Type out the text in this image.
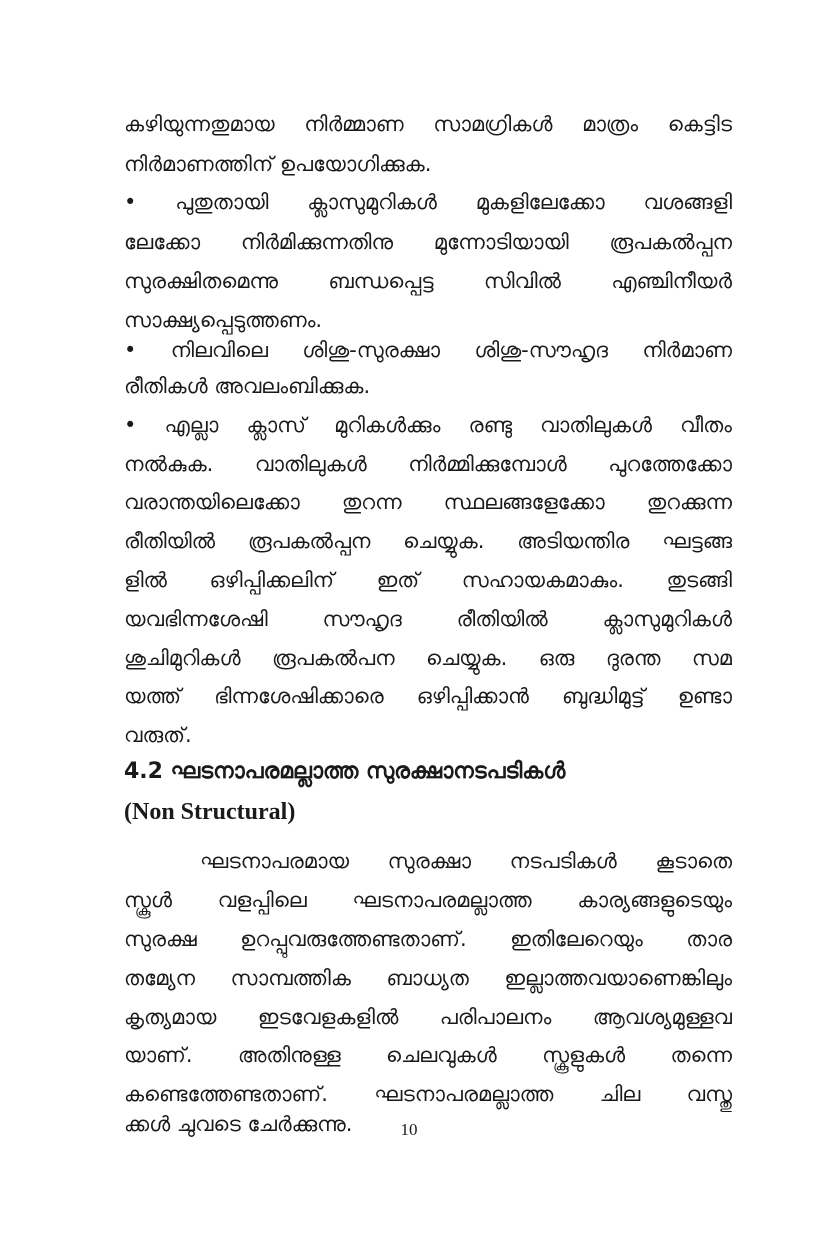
കഴിയുന്നതുമായ നിർമ്മാണ സാമഗ്രികൾ മാത്രം കെട്ടിട
നിർമാണത്തിന് ഉപയോഗിക്കുക.
• പുതുതായി ക്ലാസുമുറികൾ മുകളിലേക്കോ വശങ്ങളി
ലേക്കോ നിർമിക്കുന്നതിനു മുന്നോടിയായി രൂപകൽപ്പന
സുരക്ഷിതമെന്നു ബന്ധപ്പെട്ട സിവിൽ എഞ്ചിനീയർ
സാക്ഷ്യപ്പെടുത്തണം.
• നിലവിലെ ശിശു-സുരക്ഷാ ശിശു-സൗഹൃദ നിർമാണ
രീതികൾ അവലംബിക്കുക.
• എല്ലാ ക്ലാസ് മുറികൾക്കും രണ്ടു വാതിലുകൾ വീതം
നൽകുക. വാതിലുകൾ നിർമ്മിക്കുമ്പോൾ പുറത്തേക്കോ
വരാന്തയിലെക്കോ തുറന്ന സ്ഥലങ്ങളേക്കോ തുറക്കുന്ന
രീതിയിൽ രൂപകൽപ്പന ചെയ്യുക. അടിയന്തിര ഘട്ടങ്ങ
ളിൽ ഒഴിപ്പിക്കലിന് ഇത് സഹായകമാകും. തുടങ്ങി
യവഭിന്നശേഷി സൗഹൃദ രീതിയിൽ ക്ലാസുമുറികൾ
ശുചിമുറികൾ രൂപകൽപന ചെയ്യുക. ഒരു ദുരന്ത സമ
യത്ത് ഭിന്നശേഷിക്കാരെ ഒഴിപ്പിക്കാൻ ബുദ്ധിമുട്ട് ഉണ്ടാ
വരുത്.
4.2 ഘടനാപരമല്ലാത്ത സുരക്ഷാനടപടികൾ
(Non Structural)
ഘടനാപരമായ സുരക്ഷാ നടപടികൾ കൂടാതെ
സ്കൂൾ വളപ്പിലെ ഘടനാപരമല്ലാത്ത കാര്യങ്ങളുടെയും
സുരക്ഷ ഉറപ്പുവരുത്തേണ്ടതാണ്. ഇതിലേറെയും താര
തമ്യേന സാമ്പത്തിക ബാധ്യത ഇല്ലാത്തവയാണെങ്കിലും
കൃത്യമായ ഇടവേളകളിൽ പരിപാലനം ആവശ്യമുള്ളവ
യാണ്. അതിനുള്ള ചെലവുകൾ സ്കൂളുകൾ തന്നെ
കണ്ടെത്തേണ്ടതാണ്. ഘടനാപരമല്ലാത്ത ചില വസ്തു
ക്കൾ ചുവടെ ചേർക്കുന്നു.	10
